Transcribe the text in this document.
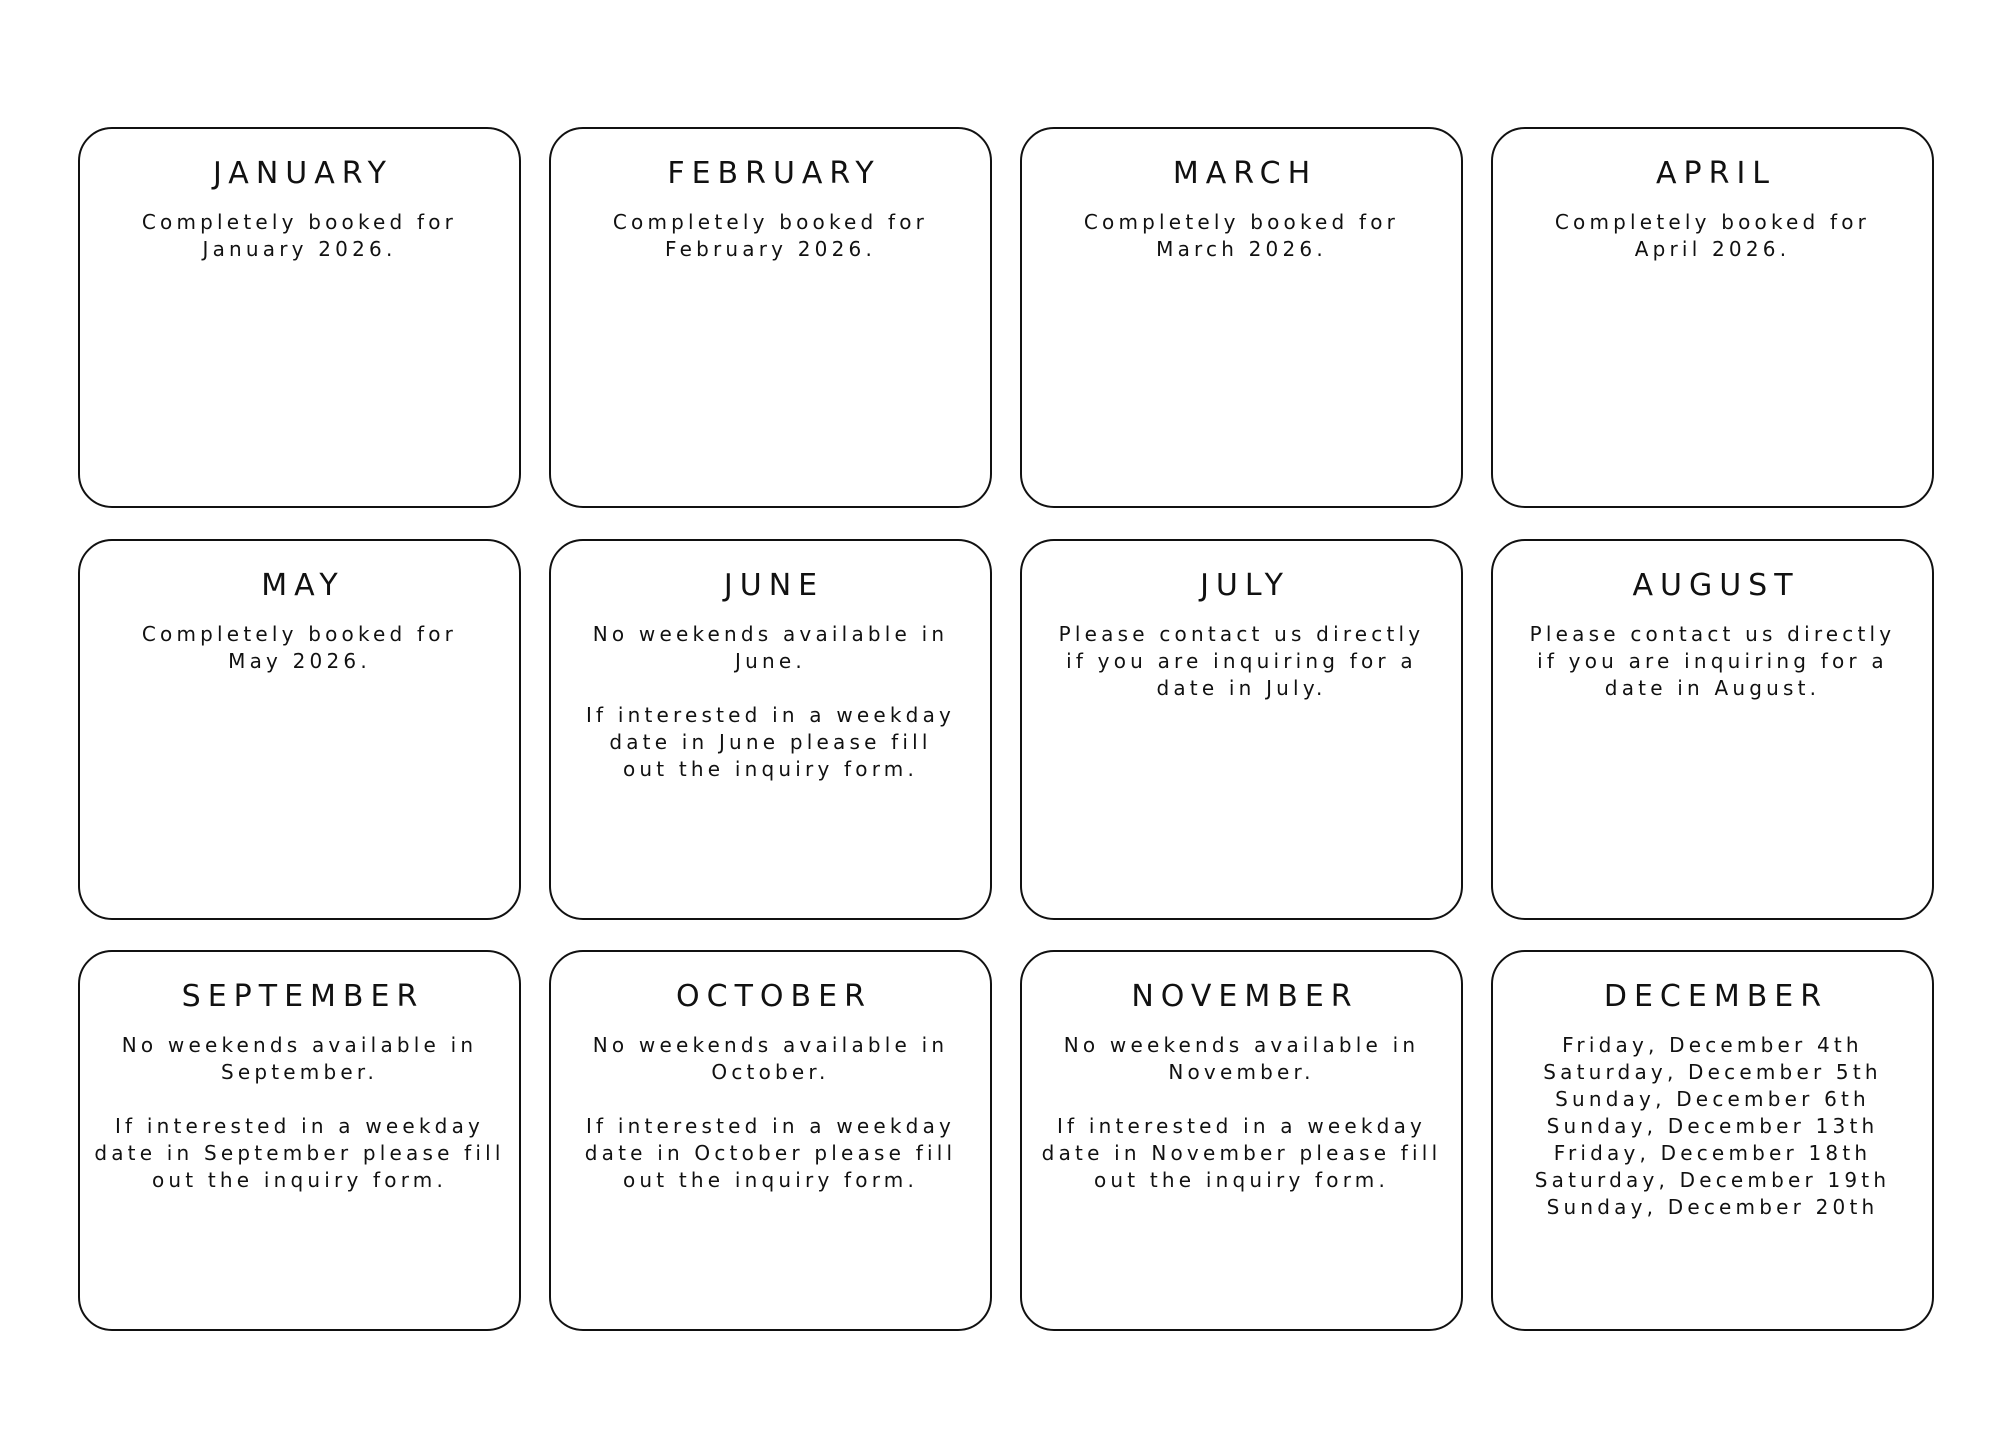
JANUARY
Completely booked for
January 2026.
FEBRUARY
Completely booked for
February 2026.
MARCH
Completely booked for
March 2026.
APRIL
Completely booked for
April 2026.
MAY
Completely booked for
May 2026.
JUNE
No weekends available in
June.
If interested in a weekday
date in June please fill
out the inquiry form.
JULY
Please contact us directly
if you are inquiring for a
date in July.
AUGUST
Please contact us directly
if you are inquiring for a
date in August.
SEPTEMBER
No weekends available in
September.
If interested in a weekday
date in September please fill
out the inquiry form.
OCTOBER
No weekends available in
October.
If interested in a weekday
date in October please fill
out the inquiry form.
NOVEMBER
No weekends available in
November.
If interested in a weekday
date in November please fill
out the inquiry form.
DECEMBER
Friday, December 4th
Saturday, December 5th
Sunday, December 6th
Sunday, December 13th
Friday, December 18th
Saturday, December 19th
Sunday, December 20th
